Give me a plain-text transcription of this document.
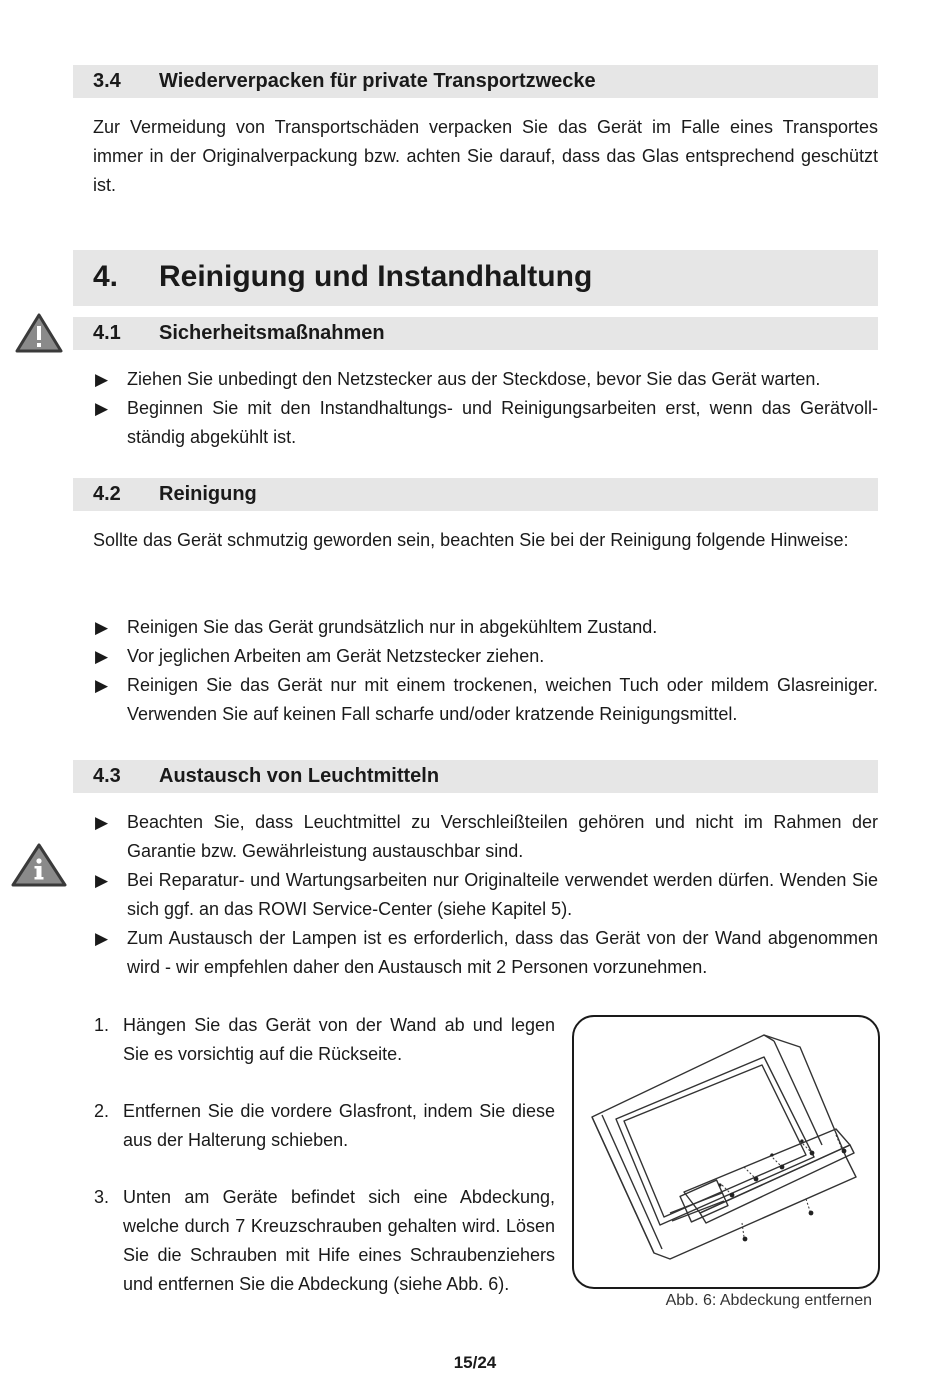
3.4 Wiederverpacken für private Transportzwecke

Zur Vermeidung von Transportschäden verpacken Sie das Gerät im Falle eines Transportes immer in der Originalverpackung bzw. achten Sie darauf, dass das Glas entsprechend geschützt ist.

4. Reinigung und Instandhaltung
4.1 Sicherheitsmaßnahmen
▶ Ziehen Sie unbedingt den Netzstecker aus der Steckdose, bevor Sie das Gerät warten.
▶ Beginnen Sie mit den Instandhaltungs- und Reinigungsarbeiten erst, wenn das Gerätvollständig abgekühlt ist.
4.2 Reinigung

Sollte das Gerät schmutzig geworden sein, beachten Sie bei der Reinigung folgende Hinweise:

▶ Reinigen Sie das Gerät grundsätzlich nur in abgekühltem Zustand.
▶ Vor jeglichen Arbeiten am Gerät Netzstecker ziehen.
▶ Reinigen Sie das Gerät nur mit einem trockenen, weichen Tuch oder mildem Glasreiniger. Verwenden Sie auf keinen Fall scharfe und/oder kratzende Reinigungsmittel.
4.3 Austausch von Leuchtmitteln
▶ Beachten Sie, dass Leuchtmittel zu Verschleißteilen gehören und nicht im Rahmen der Garantie bzw. Gewährleistung austauschbar sind.
▶ Bei Reparatur- und Wartungsarbeiten nur Originalteile verwendet werden dürfen. Wenden Sie sich ggf. an das ROWI Service-Center (siehe Kapitel 5).
▶ Zum Austausch der Lampen ist es erforderlich, dass das Gerät von der Wand abgenommen wird - wir empfehlen daher den Austausch mit 2 Personen vorzunehmen.
1. Hängen Sie das Gerät von der Wand ab und legen Sie es vorsichtig auf die Rückseite.
2. Entfernen Sie die vordere Glasfront, indem Sie diese aus der Halterung schieben.
3. Unten am Geräte befindet sich eine Abdeckung, welche durch 7 Kreuzschrauben gehalten wird. Lösen Sie die Schrauben mit Hife eines Schraubenziehers und entfernen Sie die Abdeckung (siehe Abb. 6).
Abb. 6: Abdeckung entfernen
15/24
